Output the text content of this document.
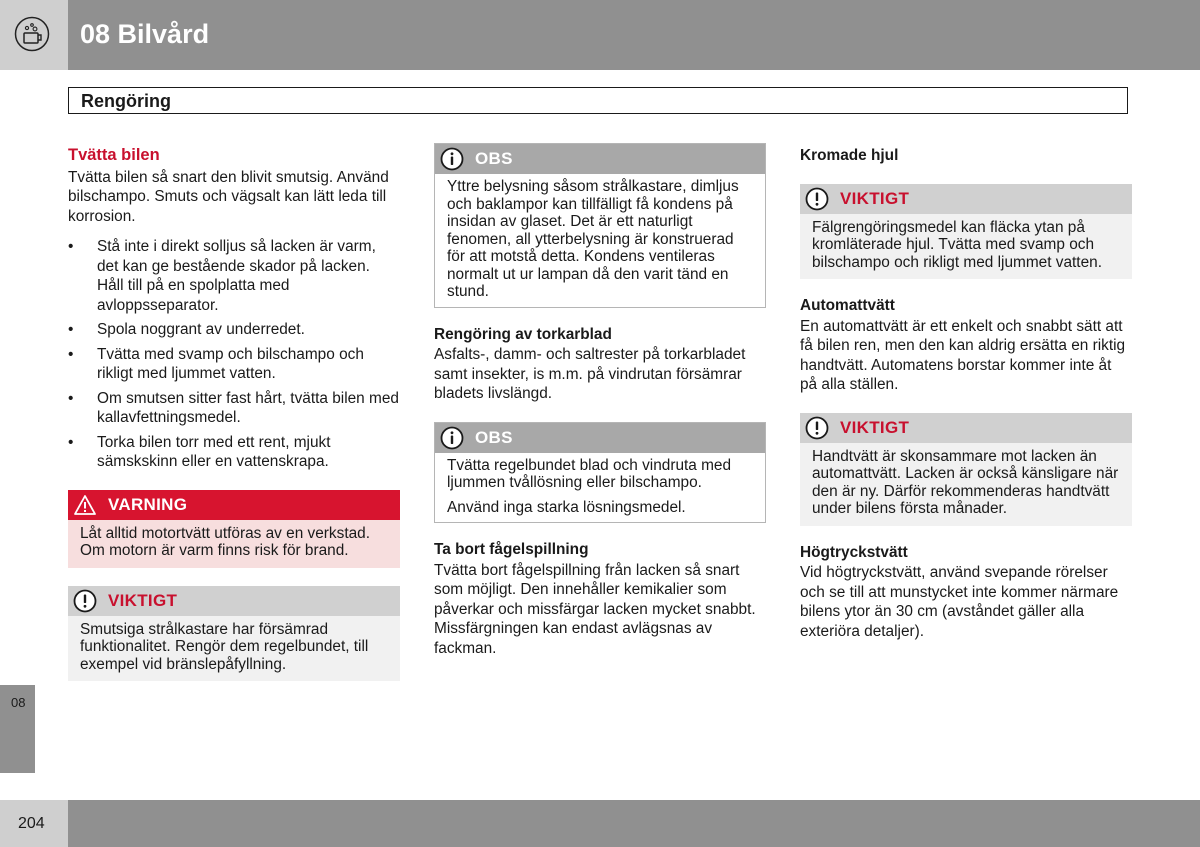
08 Bilvård
Rengöring
Tvätta bilen

Tvätta bilen så snart den blivit smutsig. Använd bilschampo. Smuts och vägsalt kan lätt leda till korrosion.

• Stå inte i direkt solljus så lacken är varm, det kan ge bestående skador på lacken. Håll till på en spolplatta med avloppsseparator.
• Spola noggrant av underredet.
• Tvätta med svamp och bilschampo och rikligt med ljummet vatten.
• Om smutsen sitter fast hårt, tvätta bilen med kallavfettningsmedel.
• Torka bilen torr med ett rent, mjukt sämskskinn eller en vattenskrapa.
VARNING
Låt alltid motortvätt utföras av en verkstad. Om motorn är varm finns risk för brand.
VIKTIGT
Smutsiga strålkastare har försämrad funktionalitet. Rengör dem regelbundet, till exempel vid bränslepåfyllning.
OBS
Yttre belysning såsom strålkastare, dimljus och baklampor kan tillfälligt få kondens på insidan av glaset. Det är ett naturligt fenomen, all ytterbelysning är konstruerad för att motstå detta. Kondens ventileras normalt ut ur lampan då den varit tänd en stund.
Rengöring av torkarblad

Asfalts-, damm- och saltrester på torkarbladet samt insekter, is m.m. på vindrutan försämrar bladets livslängd.

OBS

Tvätta regelbundet blad och vindruta med ljummen tvållösning eller bilschampo.

Använd inga starka lösningsmedel.

Ta bort fågelspillning

Tvätta bort fågelspillning från lacken så snart som möjligt. Den innehåller kemikalier som påverkar och missfärgar lacken mycket snabbt. Missfärgningen kan endast avlägsnas av fackman.

Kromade hjul
VIKTIGT
Fälgrengöringsmedel kan fläcka ytan på kromläterade hjul. Tvätta med svamp och bilschampo och rikligt med ljummet vatten.
Automattvätt

En automattvätt är ett enkelt och snabbt sätt att få bilen ren, men den kan aldrig ersätta en riktig handtvätt. Automatens borstar kommer inte åt på alla ställen.

VIKTIGT
Handtvätt är skonsammare mot lacken än automattvätt. Lacken är också känsligare när den är ny. Därför rekommenderas handtvätt under bilens första månader.
Högtryckstvätt

Vid högtryckstvätt, använd svepande rörelser och se till att munstycket inte kommer närmare bilens ytor än 30 cm (avståndet gäller alla exteriöra detaljer).

08
204
